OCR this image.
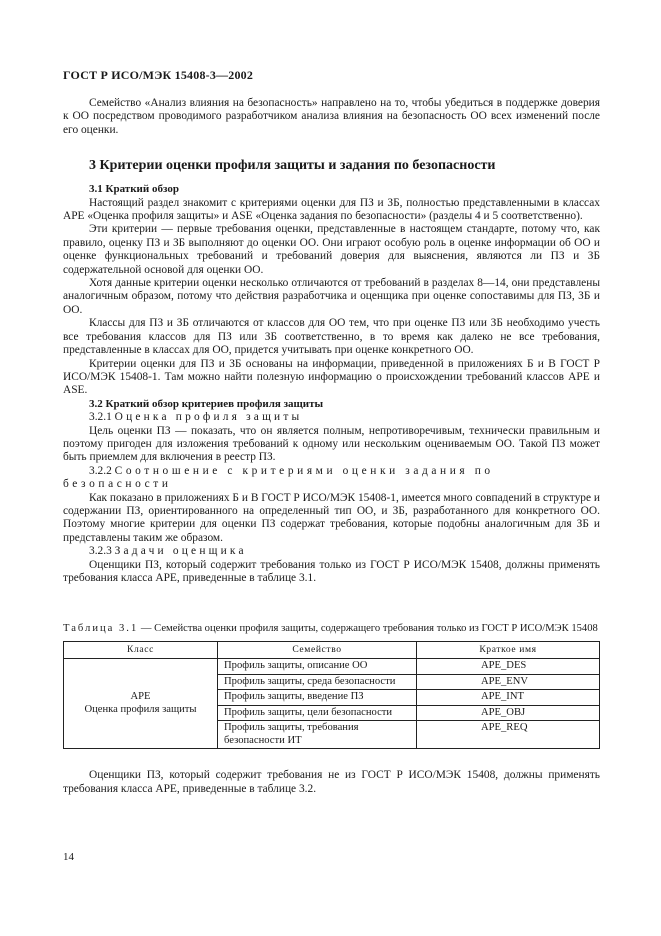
ГОСТ Р ИСО/МЭК 15408-3—2002

Семейство «Анализ влияния на безопасность» направлено на то, чтобы убедиться в поддержке доверия к ОО посредством проводимого разработчиком анализа влияния на безопасность ОО всех изменений после его оценки.

3 Критерии оценки профиля защиты и задания по безопасности
3.1 Краткий обзор

Настоящий раздел знакомит с критериями оценки для ПЗ и ЗБ, полностью представленными в классах АРЕ «Оценка профиля защиты» и ASE «Оценка задания по безопасности» (разделы 4 и 5 соответственно).

Эти критерии — первые требования оценки, представленные в настоящем стандарте, потому что, как правило, оценку ПЗ и ЗБ выполняют до оценки ОО. Они играют особую роль в оценке информации об ОО и оценке функциональных требований и требований доверия для выяснения, являются ли ПЗ и ЗБ содержательной основой для оценки ОО.

Хотя данные критерии оценки несколько отличаются от требований в разделах 8—14, они представлены аналогичным образом, потому что действия разработчика и оценщика при оценке сопоставимы для ПЗ, ЗБ и ОО.

Классы для ПЗ и ЗБ отличаются от классов для ОО тем, что при оценке ПЗ или ЗБ необходимо учесть все требования классов для ПЗ или ЗБ соответственно, в то время как далеко не все требования, представленные в классах для ОО, придется учитывать при оценке конкретного ОО.

Критерии оценки для ПЗ и ЗБ основаны на информации, приведенной в приложениях Б и В ГОСТ Р ИСО/МЭК 15408-1. Там можно найти полезную информацию о происхождении требований классов АРЕ и ASE.

3.2 Краткий обзор критериев профиля защиты

3.2.1 Оценка профиля защиты

Цель оценки ПЗ — показать, что он является полным, непротиворечивым, технически правильным и поэтому пригоден для изложения требований к одному или нескольким оцениваемым ОО. Такой ПЗ может быть приемлем для включения в реестр ПЗ.

3.2.2 Соотношение с критериями оценки задания по безопасности

Как показано в приложениях Б и В ГОСТ Р ИСО/МЭК 15408-1, имеется много совпадений в структуре и содержании ПЗ, ориентированного на определенный тип ОО, и ЗБ, разработанного для конкретного ОО. Поэтому многие критерии для оценки ПЗ содержат требования, которые подобны аналогичным для ЗБ и представлены таким же образом.

3.2.3 Задачи оценщика

Оценщики ПЗ, который содержит требования только из ГОСТ Р ИСО/МЭК 15408, должны применять требования класса АРЕ, приведенные в таблице 3.1.

Таблица 3.1 — Семейства оценки профиля защиты, содержащего требования только из ГОСТ Р ИСО/МЭК 15408
Класс	Семейство	Краткое имя

APE
Оценка профиля защиты	Профиль защиты, описание ОО	APE_DES
	Профиль защиты, среда безопасности	APE_ENV
	Профиль защиты, введение ПЗ	APE_INT
	Профиль защиты, цели безопасности	APE_OBJ
	Профиль защиты, требования безопасности ИТ	APE_REQ

Оценщики ПЗ, который содержит требования не из ГОСТ Р ИСО/МЭК 15408, должны применять требования класса АРЕ, приведенные в таблице 3.2.

14
